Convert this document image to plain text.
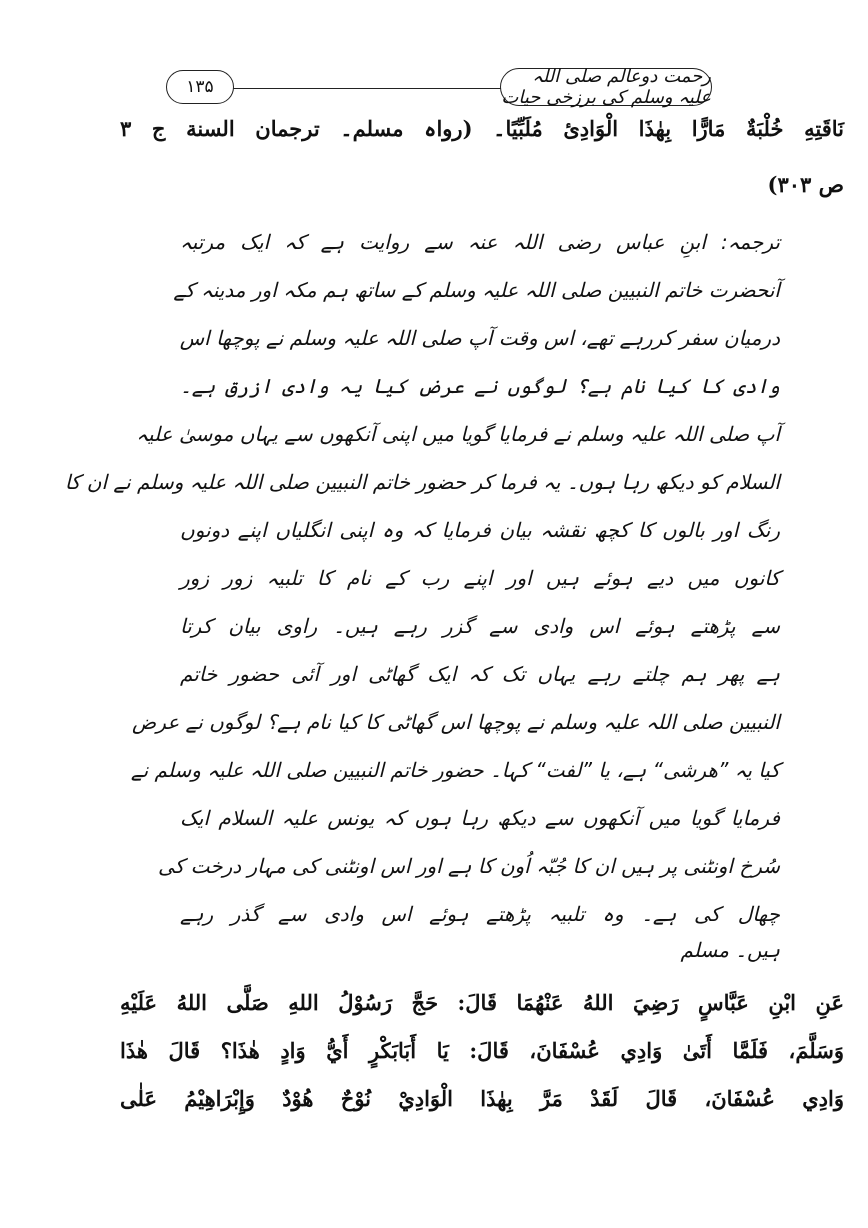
رحمت دوعالم صلی اللہ علیہ وسلم کی برزخی حیات
۱۳۵
نَاقَتِهِ خُلْبَةٌ مَارًّا بِهٰذَا الْوَادِئ مُلَبِّيًا۔ (رواہ مسلم۔ ترجمان السنة ج ۳
ص ۳۰۳)
ترجمہ: ابنِ عباس رضی اللہ عنہ سے روایت ہے کہ ایک مرتبہ
آنحضرت خاتم النبیین صلی اللہ علیہ وسلم کے ساتھ ہم مکہ اور مدینہ کے
درمیان سفر کررہے تھے، اس وقت آپ صلی اللہ علیہ وسلم نے پوچھا اس
وادی کا کیا نام ہے؟ لوگوں نے عرض کیا یہ وادی ازرق ہے۔
آپ صلی اللہ علیہ وسلم نے فرمایا گویا میں اپنی آنکھوں سے یہاں موسیٰ علیہ
السلام کو دیکھ رہا ہوں۔ یہ فرما کر حضور خاتم النبیین صلی اللہ علیہ وسلم نے ان کا
رنگ اور بالوں کا کچھ نقشہ بیان فرمایا کہ وہ اپنی انگلیاں اپنے دونوں
کانوں میں دیے ہوئے ہیں اور اپنے رب کے نام کا تلبیہ زور زور
سے پڑھتے ہوئے اس وادی سے گزر رہے ہیں۔ راوی بیان کرتا
ہے پھر ہم چلتے رہے یہاں تک کہ ایک گھاٹی اور آئی حضور خاتم
النبیین صلی اللہ علیہ وسلم نے پوچھا اس گھاٹی کا کیا نام ہے؟ لوگوں نے عرض
کیا یہ ”ھرشی“ ہے، یا ”لفت“ کہا۔ حضور خاتم النبیین صلی اللہ علیہ وسلم نے
فرمایا گویا میں آنکھوں سے دیکھ رہا ہوں کہ یونس علیہ السلام ایک
سُرخ اونٹنی پر ہیں ان کا جُبّہ اُون کا ہے اور اس اونٹنی کی مہار درخت کی
چھال کی ہے۔ وہ تلبیہ پڑھتے ہوئے اس وادی سے گذر رہے
ہیں۔ مسلم
عَنِ ابْنِ عَبَّاسٍ رَضِيَ اللهُ عَنْهُمَا قَالَ: حَجَّ رَسُوْلُ اللهِ صَلَّى اللهُ عَلَيْهِ
وَسَلَّمَ، فَلَمَّا أَتَىٰ وَادِي عُسْفَانَ، قَالَ: يَا أَبَابَكْرٍ أَيُّ وَادٍ هٰذَا؟ قَالَ هٰذَا
وَادِي عُسْفَانَ، قَالَ لَقَدْ مَرَّ بِهٰذَا الْوَادِيْ نُوْحٌ هُوْدٌ وَإِبْرَاهِيْمُ عَلٰى
